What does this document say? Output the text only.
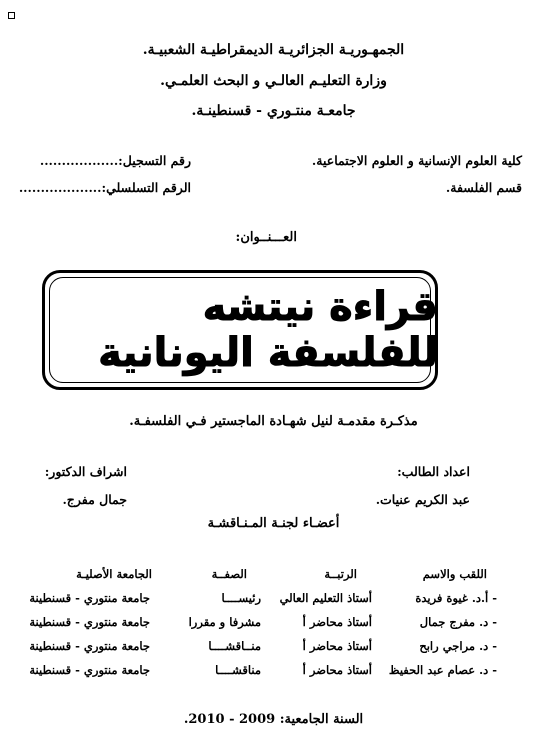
الجمهـوريـة الجزائريـة الديمقراطيـة الشعبيـة.
وزارة التعليـم العالـي و البحث العلمـي.
جامعـة منتـوري - قسنطينـة.
كلية العلوم الإنسانية و العلوم الاجتماعية.
رقم التسجيل:..................
قسم الفلسفة.
الرقم التسلسلي:...................
العـــنــوان:
قراءة نيتشه للفلسفة اليونانية
مذكـرة مقدمـة لنيل شهـادة الماجستير فـي الفلسفـة.
اعداد الطالب:
اشراف الدكتور:
عبد الكريم عنيات.
جمال مفرج.
أعضـاء لجنـة المـنـاقشـة
اللقب والاسم
الرتبــة
الصفــة
الجامعة الأصليـة
- أ.د. غيوة فريدة
أستاذ التعليم العالي
رئيســــا
جامعة منتوري - قسنطينة
- د. مفرج جمال
أستاذ محاضر أ
مشرفا و مقررا
جامعة منتوري - قسنطينة
- د. مراجي رابح
أستاذ محاضر أ
منــاقشــــا
جامعة منتوري - قسنطينة
- د. عصام عبد الحفيظ
أستاذ محاضر أ
مناقشــــا
جامعة منتوري - قسنطينة
السنة الجامعية: 2009 - 2010.
